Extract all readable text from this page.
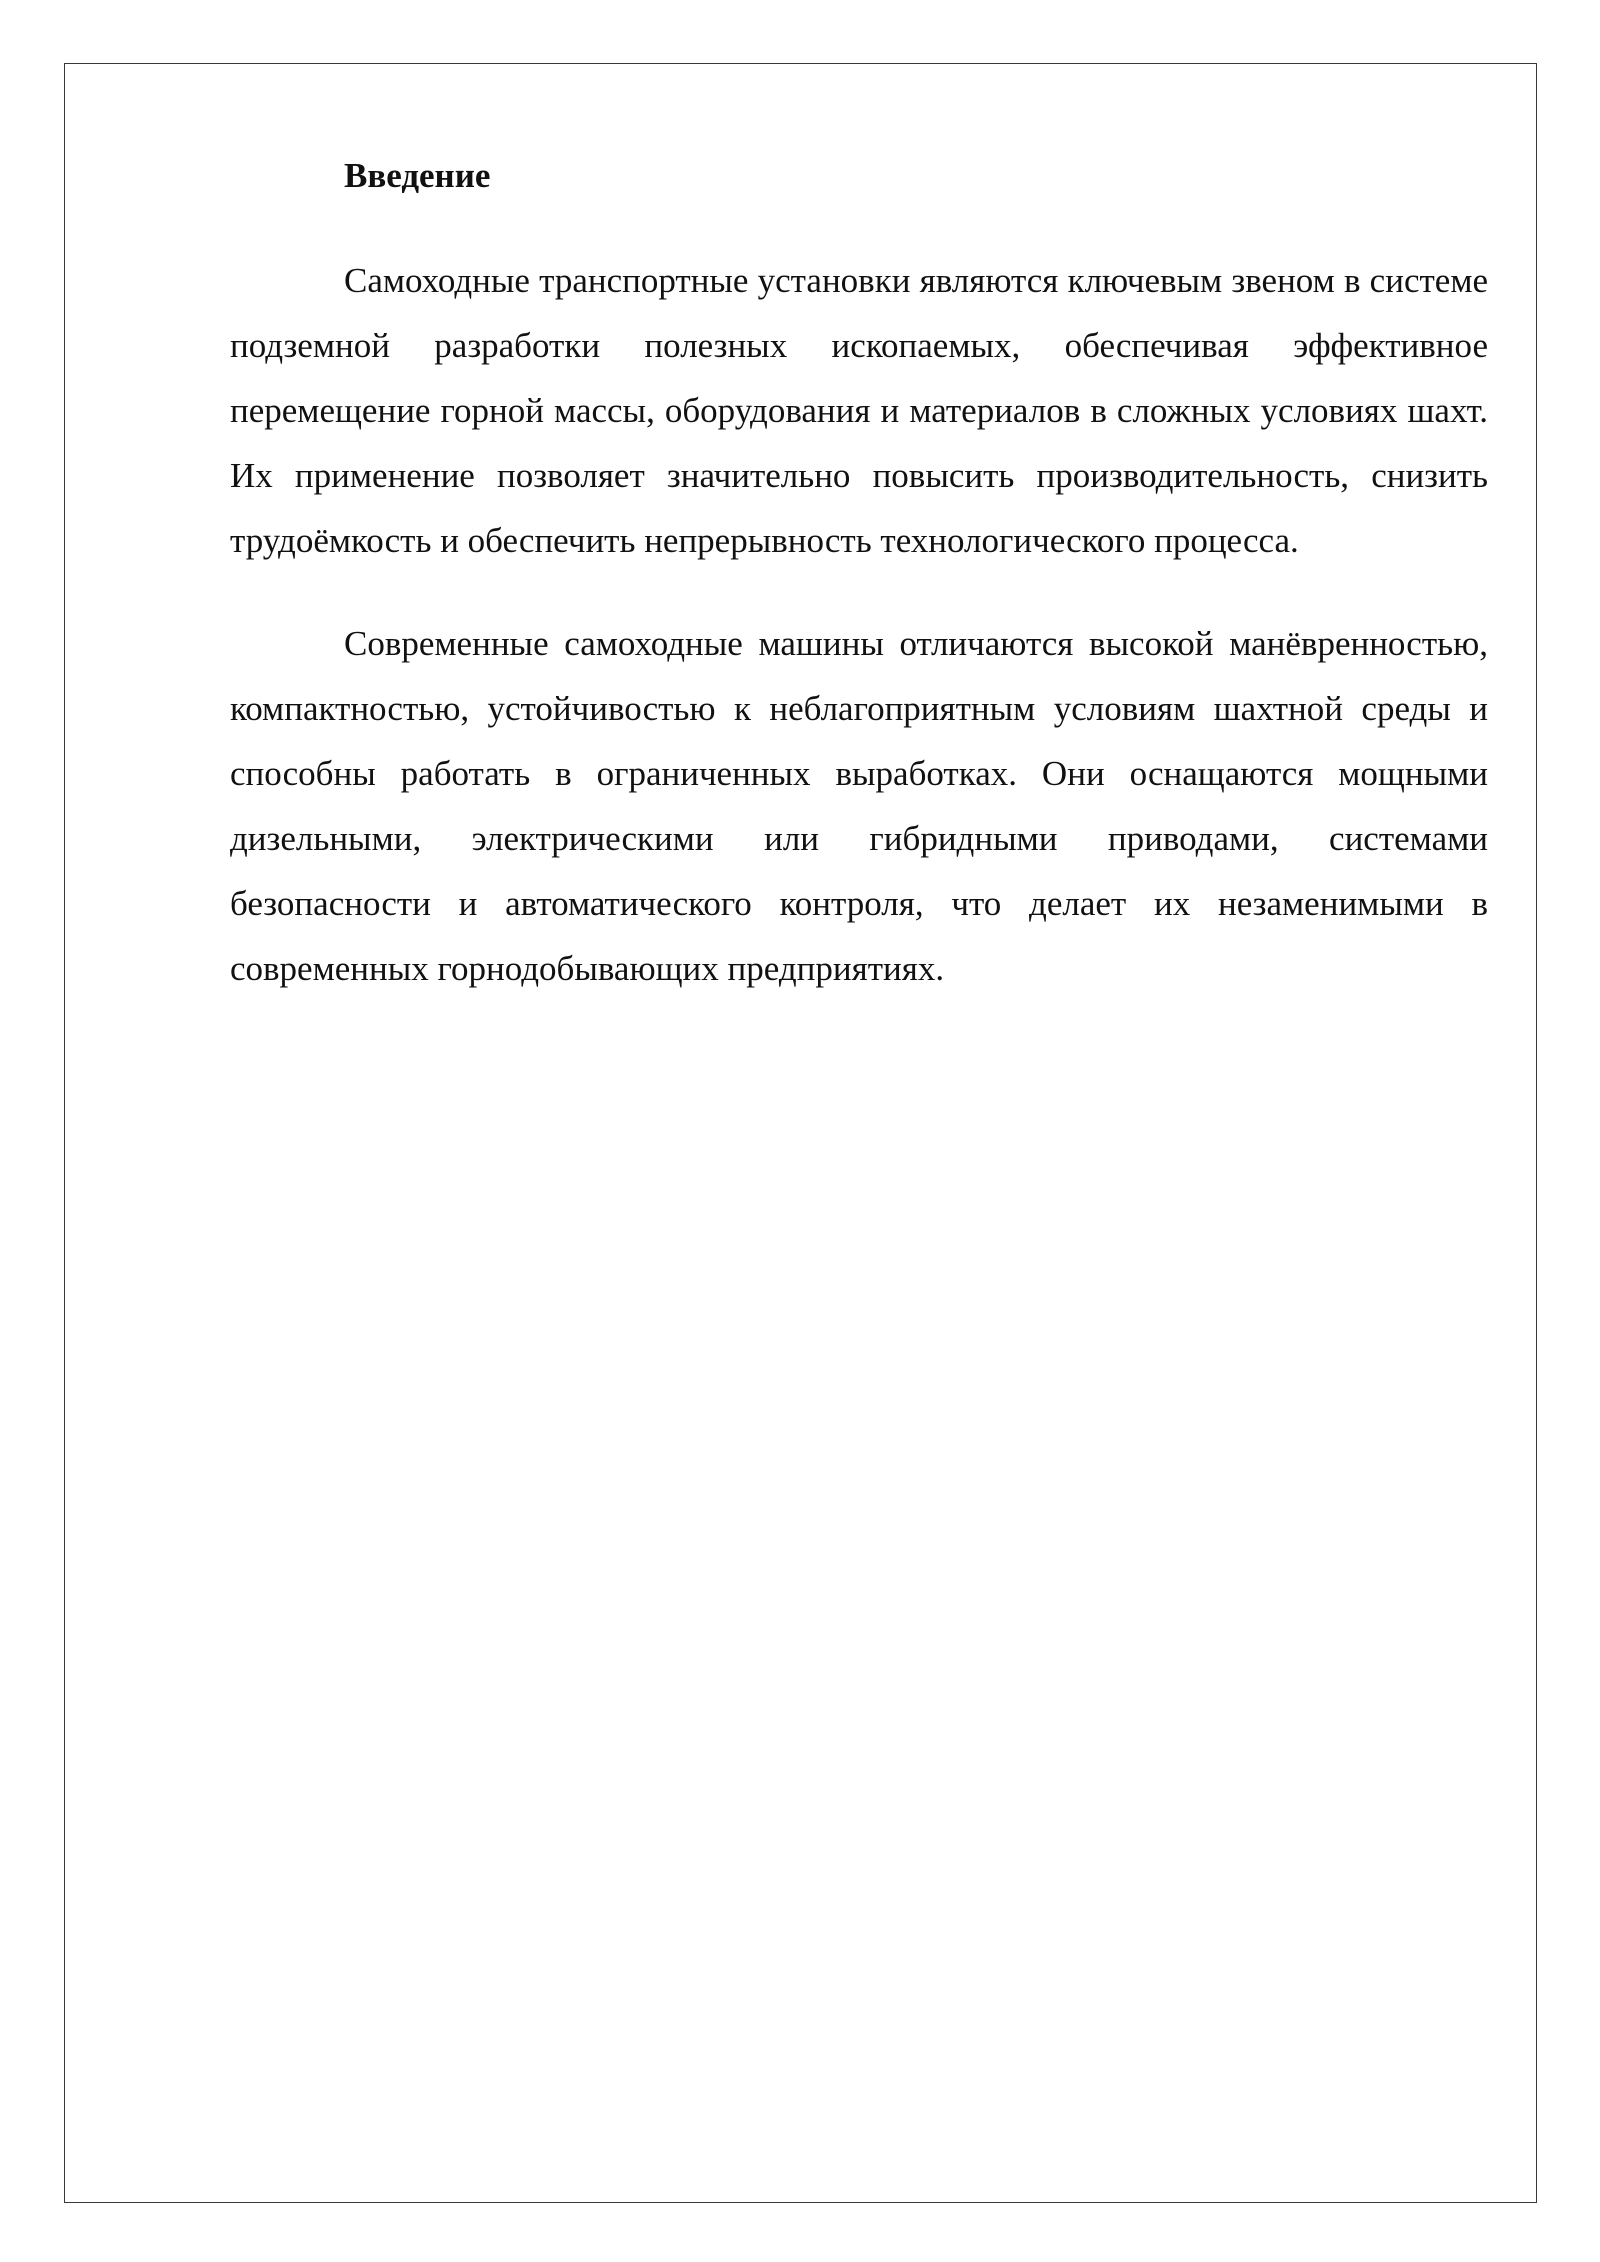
Введение

Самоходные транспортные установки являются ключевым звеном в системе подземной разработки полезных ископаемых, обеспечивая эффективное перемещение горной массы, оборудования и материалов в сложных условиях шахт. Их применение позволяет значительно повысить производительность, снизить трудоёмкость и обеспечить непрерывность технологического процесса.

Современные самоходные машины отличаются высокой манёвренностью, компактностью, устойчивостью к неблагоприятным условиям шахтной среды и способны работать в ограниченных выработках. Они оснащаются мощными дизельными, электрическими или гибридными приводами, системами безопасности и автоматического контроля, что делает их незаменимыми в современных горнодобывающих предприятиях.
